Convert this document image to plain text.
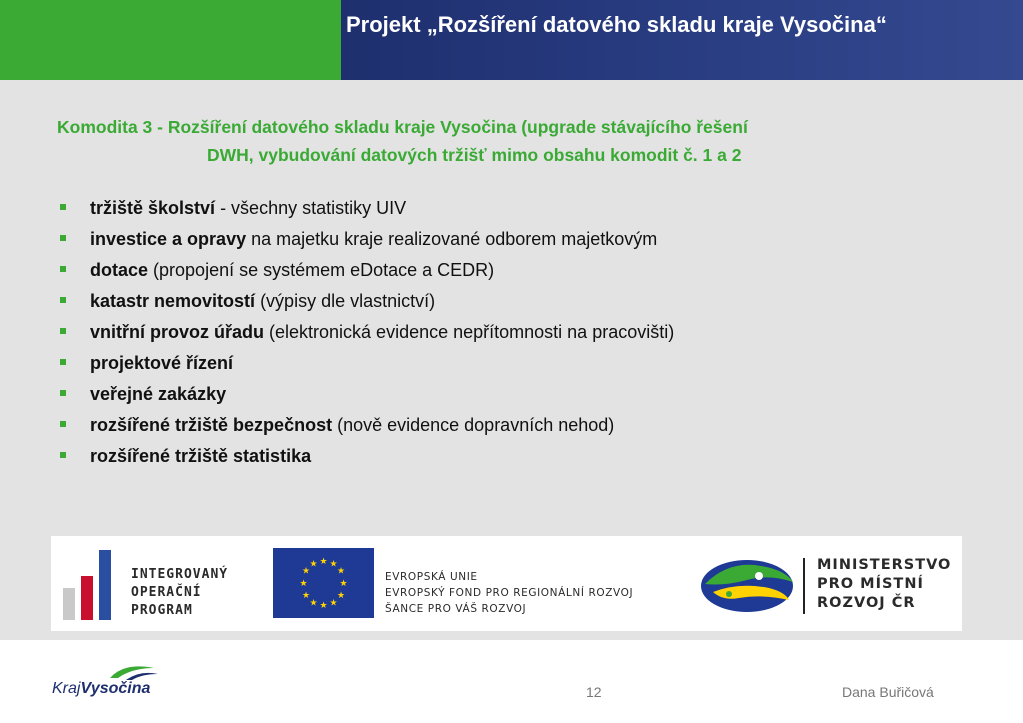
Projekt „Rozšíření datového skladu kraje Vysočina“
Komodita 3 - Rozšíření datového skladu kraje Vysočina (upgrade stávajícího řešení
DWH, vybudování datových tržišť mimo obsahu komodit č. 1 a 2
tržiště školství - všechny statistiky UIV
investice a opravy na majetku kraje realizované odborem majetkovým
dotace (propojení se systémem eDotace a CEDR)
katastr nemovitostí (výpisy dle vlastnictví)
vnitřní provoz úřadu (elektronická evidence nepřítomnosti na pracovišti)
projektové řízení
veřejné zakázky
rozšířené tržiště bezpečnost (nově evidence dopravních nehod)
rozšířené tržiště statistika
INTEGROVANÝ
OPERAČNÍ
PROGRAM
★ ★
★
★
★
★
★
★
★
★
★
★
EVROPSKÁ UNIE
EVROPSKÝ FOND PRO REGIONÁLNÍ ROZVOJ
ŠANCE PRO VÁŠ ROZVOJ
MINISTERSTVO
PRO MÍSTNÍ
ROZVOJ ČR
KrajVysočina	12	Dana Buřičová
